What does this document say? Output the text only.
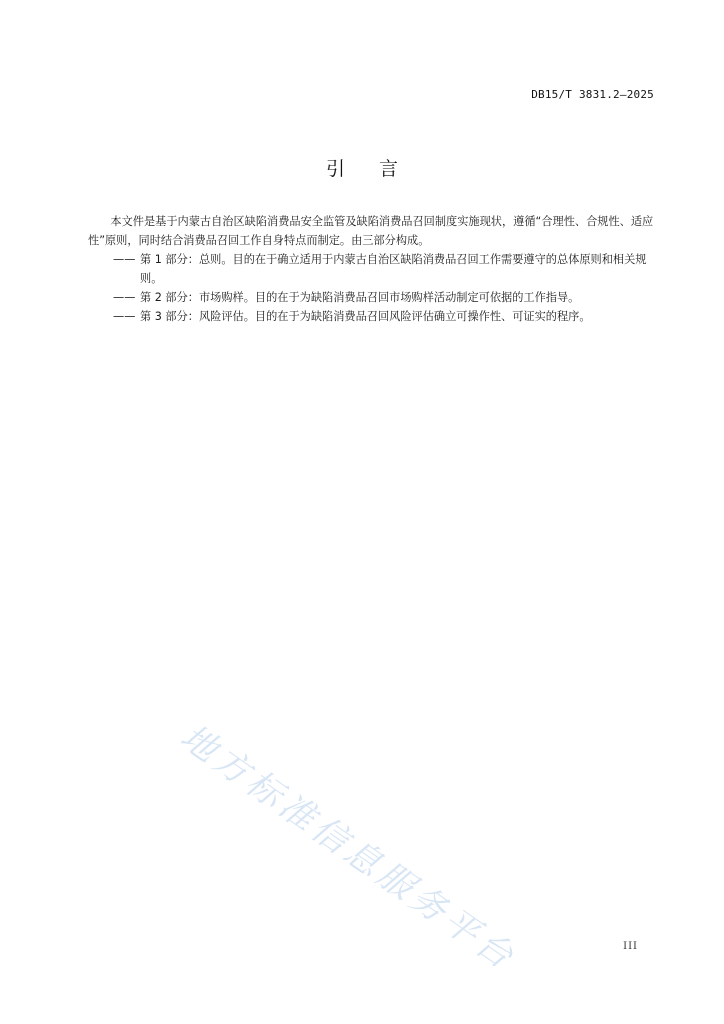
DB15/T 3831.2—2025
引言

本文件是基于内蒙古自治区缺陷消费品安全监管及缺陷消费品召回制度实施现状，遵循“合理性、合规性、适应性”原则，同时结合消费品召回工作自身特点而制定。由三部分构成。

—— 第 1 部分：总则。目的在于确立适用于内蒙古自治区缺陷消费品召回工作需要遵守的总体原则和相关规则。

—— 第 2 部分：市场购样。目的在于为缺陷消费品召回市场购样活动制定可依据的工作指导。

—— 第 3 部分：风险评估。目的在于为缺陷消费品召回风险评估确立可操作性、可证实的程序。

地方标准信息服务平台	III
